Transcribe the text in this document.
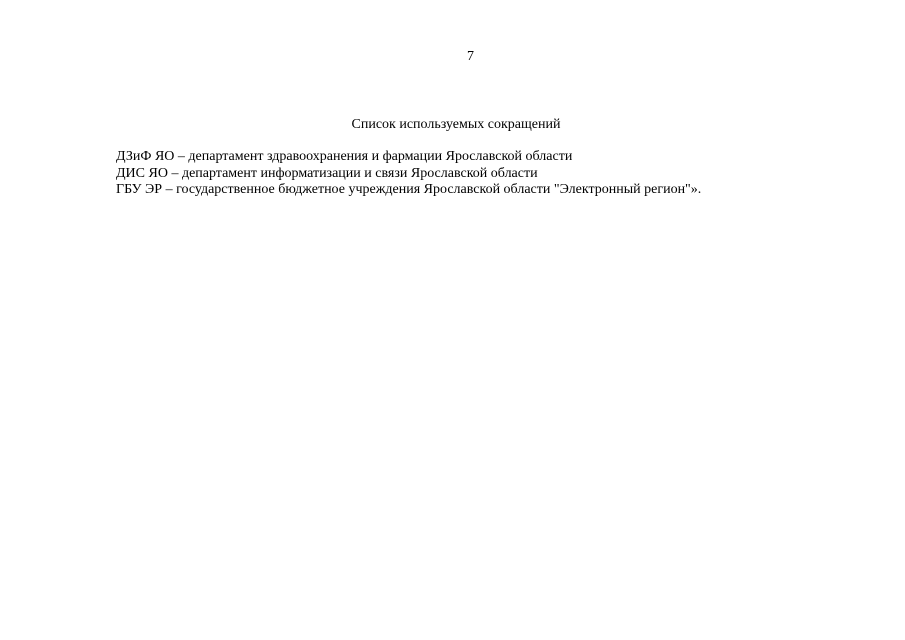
7
Список используемых сокращений
ДЗиФ ЯО – департамент здравоохранения и фармации Ярославской области
ДИС ЯО – департамент информатизации и связи Ярославской области
ГБУ ЭР – государственное бюджетное учреждения Ярославской области "Электронный регион"».
